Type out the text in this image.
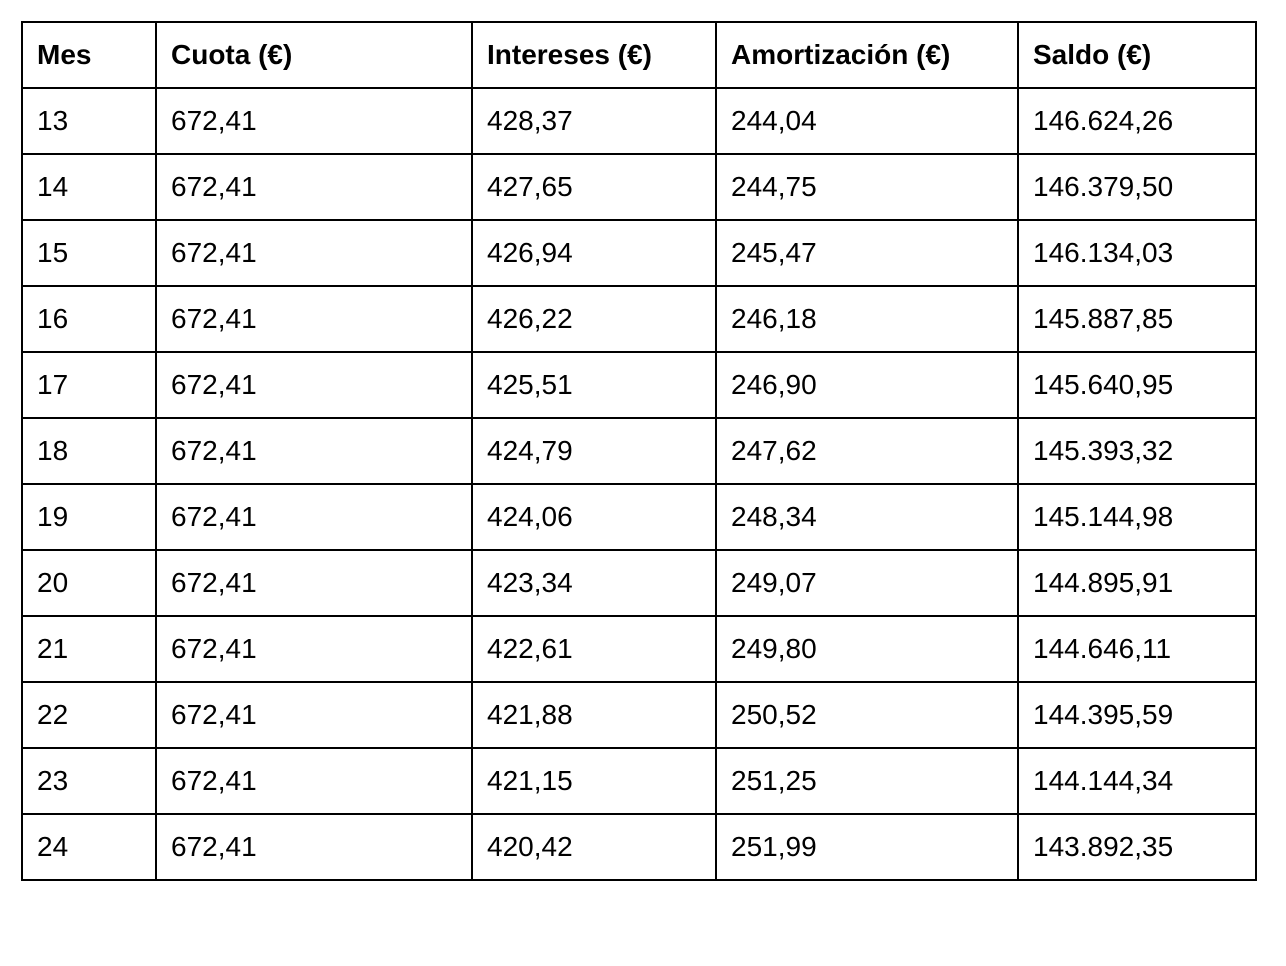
Mes	Cuota (€)	Intereses (€)	Amortización (€)	Saldo (€)
13	672,41	428,37	244,04	146.624,26
14	672,41	427,65	244,75	146.379,50
15	672,41	426,94	245,47	146.134,03
16	672,41	426,22	246,18	145.887,85
17	672,41	425,51	246,90	145.640,95
18	672,41	424,79	247,62	145.393,32
19	672,41	424,06	248,34	145.144,98
20	672,41	423,34	249,07	144.895,91
21	672,41	422,61	249,80	144.646,11
22	672,41	421,88	250,52	144.395,59
23	672,41	421,15	251,25	144.144,34
24	672,41	420,42	251,99	143.892,35
